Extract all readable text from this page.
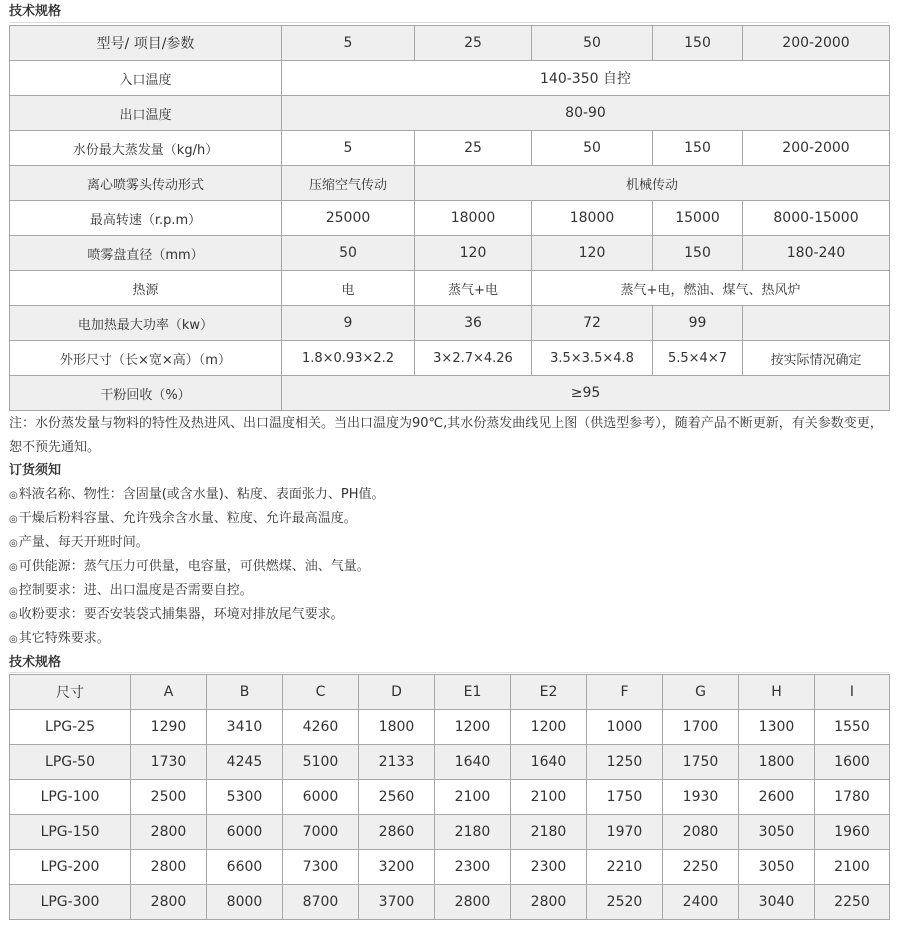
技术规格
型号/ 项目/参数	5	25	50	150	200-2000
入口温度	140-350 自控				
出口温度	80-90				
水份最大蒸发量（kg/h）	5	25	50	150	200-2000
离心喷雾头传动形式	压缩空气传动	机械传动			
最高转速（r.p.m）	25000	18000	18000	15000	8000-15000
喷雾盘直径（mm）	50	120	120	150	180-240
热源	电	蒸气+电	蒸气+电，燃油、煤气、热风炉		
电加热最大功率（kw）	9	36	72	99	
外形尺寸（长×宽×高）（m）	1.8×0.93×2.2	3×2.7×4.26	3.5×3.5×4.8	5.5×4×7	按实际情况确定
干粉回收（%）	≥95				
注：水份蒸发量与物料的特性及热进风、出口温度相关。当出口温度为90℃,其水份蒸发曲线见上图（供选型参考），随着产品不断更新，有关参数变更，恕不预先通知。
订货须知
◎料液名称、物性：含固量(或含水量)、粘度、表面张力、PH值。
◎干燥后粉料容量、允许残余含水量、粒度、允许最高温度。
◎产量、每天开班时间。
◎可供能源：蒸气压力可供量，电容量，可供燃煤、油、气量。
◎控制要求：进、出口温度是否需要自控。
◎收粉要求：要否安装袋式捕集器，环境对排放尾气要求。
◎其它特殊要求。
技术规格
尺寸	A	B	C	D	E1	E2	F	G	H	I
LPG-25	1290	3410	4260	1800	1200	1200	1000	1700	1300	1550
LPG-50	1730	4245	5100	2133	1640	1640	1250	1750	1800	1600
LPG-100	2500	5300	6000	2560	2100	2100	1750	1930	2600	1780
LPG-150	2800	6000	7000	2860	2180	2180	1970	2080	3050	1960
LPG-200	2800	6600	7300	3200	2300	2300	2210	2250	3050	2100
LPG-300	2800	8000	8700	3700	2800	2800	2520	2400	3040	2250
